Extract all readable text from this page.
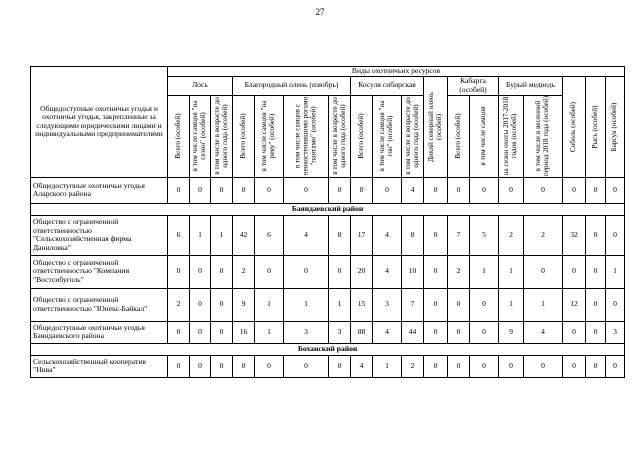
27
Общедоступные охотничьи угодья и охотничьи угодья, закрепленные за следующими юридическими лицами и индивидуальными предпринимателями	Виды охотничьих ресурсов																	
	Лось			Благородный олень (изюбрь)				Косуля сибирская			Дикий северный олень (особей)	Кабарга (особей)		Бурый медведь		Соболь (особей)	Рысь (особей)	Барсук (особей)

	Всего (особей)	в том числе самцов "на сезон" (особей)	в том числе в возрасте до одного года (особей)	Всего (особей)	в том числе самцов "на реву" (особей)	в том числе самцов с неокостеневшими рогами "пантами" (особей)	в том числе в возрасте до одного года (особей)	Всего (особей)	в том числе самцов "на гон" (особей)	в том числе в возрасте до одного года (особей)		Всего (особей)	в том числе самцов	на сезон охоты 2017-2018 годов (особей)	в том числе в весенний период 2018 года (особей)			

Общедоступные охотничьи угодья Аларского района	0	0	0	0	0	0	0	8	0	4	0	0	0	0	0	0	0	0
Баяндаевский район																		
Общество с ограниченной ответственностью "Сельскохозяйственная фирма Даниловка"	6	1	1	42	6	4	8	17	4	8	0	7	5	2	2	32	0	0
Общество с ограниченной ответственностью "Компания "Востсибуголь"	0	0	0	2	0	0	0	20	4	10	0	2	1	1	0	0	0	1
Общество с ограниченной ответственностью "Юнекс-Байкал"	2	0	0	9	1	1	1	15	3	7	0	0	0	1	1	12	0	0
Общедоступные охотничьи угодья Баяндаевского района	0	0	0	16	1	3	3	88	4	44	0	0	0	9	4	0	0	3
Боханский район																		
Сельскохозяйственный кооператив "Нива"	0	0	0	0	0	0	0	4	1	2	0	0	0	0	0	0	0	0
